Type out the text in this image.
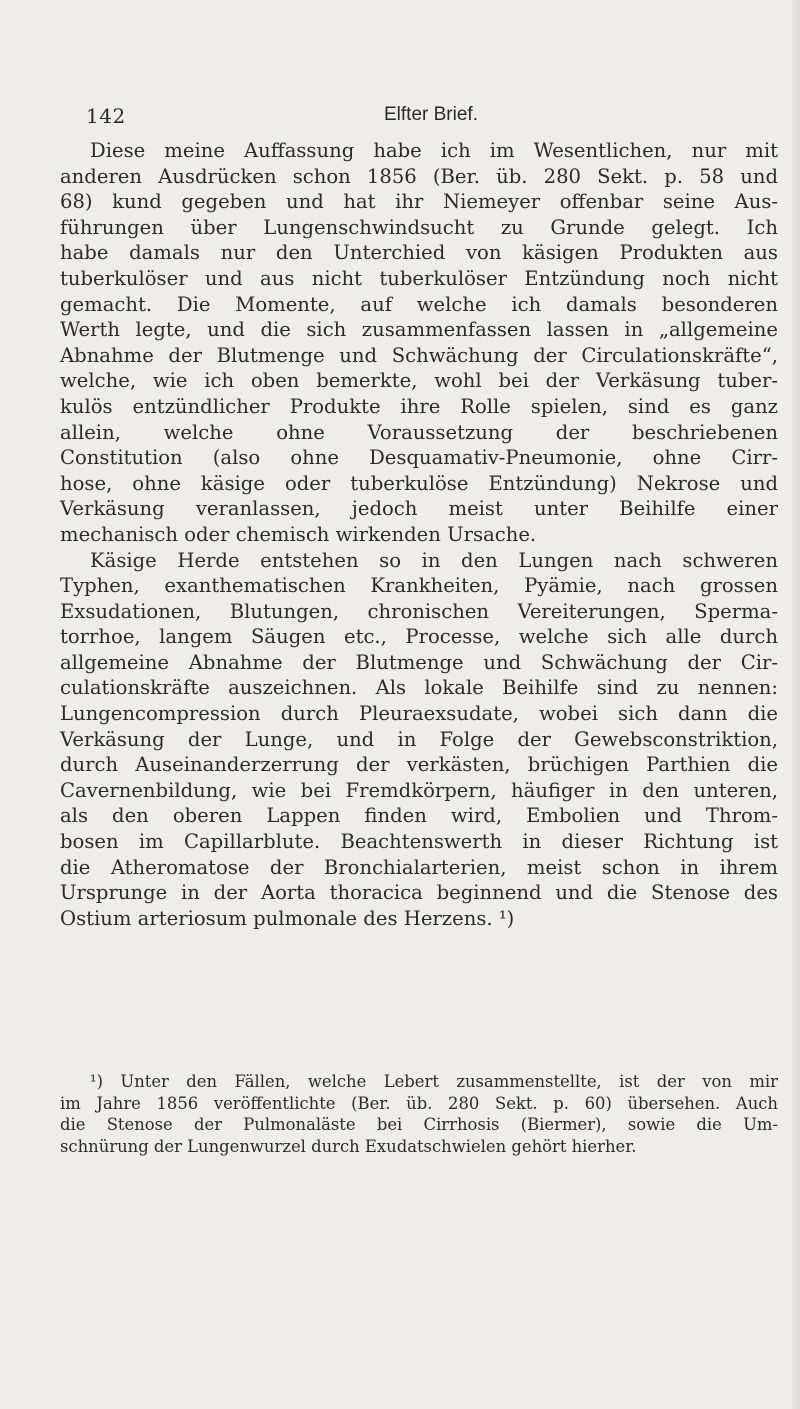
142	Elfter Brief.
Diese meine Auffassung habe ich im Wesentlichen, nur mit
anderen Ausdrücken schon 1856 (Ber. üb. 280 Sekt. p. 58 und
68) kund gegeben und hat ihr Niemeyer offenbar seine Aus-
führungen über Lungenschwindsucht zu Grunde gelegt. Ich
habe damals nur den Unterchied von käsigen Produkten aus
tuberkulöser und aus nicht tuberkulöser Entzündung noch nicht
gemacht. Die Momente, auf welche ich damals besonderen
Werth legte, und die sich zusammenfassen lassen in „allgemeine
Abnahme der Blutmenge und Schwächung der Circulationskräfte“,
welche, wie ich oben bemerkte, wohl bei der Verkäsung tuber-
kulös entzündlicher Produkte ihre Rolle spielen, sind es ganz
allein, welche ohne Voraussetzung der beschriebenen
Constitution (also ohne Desquamativ-Pneumonie, ohne Cirr-
hose, ohne käsige oder tuberkulöse Entzündung) Nekrose und
Verkäsung veranlassen, jedoch meist unter Beihilfe einer
mechanisch oder chemisch wirkenden Ursache.
Käsige Herde entstehen so in den Lungen nach schweren
Typhen, exanthematischen Krankheiten, Pyämie, nach grossen
Exsudationen, Blutungen, chronischen Vereiterungen, Sperma-
torrhoe, langem Säugen etc., Processe, welche sich alle durch
allgemeine Abnahme der Blutmenge und Schwächung der Cir-
culationskräfte auszeichnen. Als lokale Beihilfe sind zu nennen:
Lungencompression durch Pleuraexsudate, wobei sich dann die
Verkäsung der Lunge, und in Folge der Gewebsconstriktion,
durch Auseinanderzerrung der verkästen, brüchigen Parthien die
Cavernenbildung, wie bei Fremdkörpern, häufiger in den unteren,
als den oberen Lappen finden wird, Embolien und Throm-
bosen im Capillarblute. Beachtenswerth in dieser Richtung ist
die Atheromatose der Bronchialarterien, meist schon in ihrem
Ursprunge in der Aorta thoracica beginnend und die Stenose des
Ostium arteriosum pulmonale des Herzens. ¹)
¹) Unter den Fällen, welche Lebert zusammenstellte, ist der von mir
im Jahre 1856 veröffentlichte (Ber. üb. 280 Sekt. p. 60) übersehen. Auch
die Stenose der Pulmonaläste bei Cirrhosis (Biermer), sowie die Um-
schnürung der Lungenwurzel durch Exudatschwielen gehört hierher.
